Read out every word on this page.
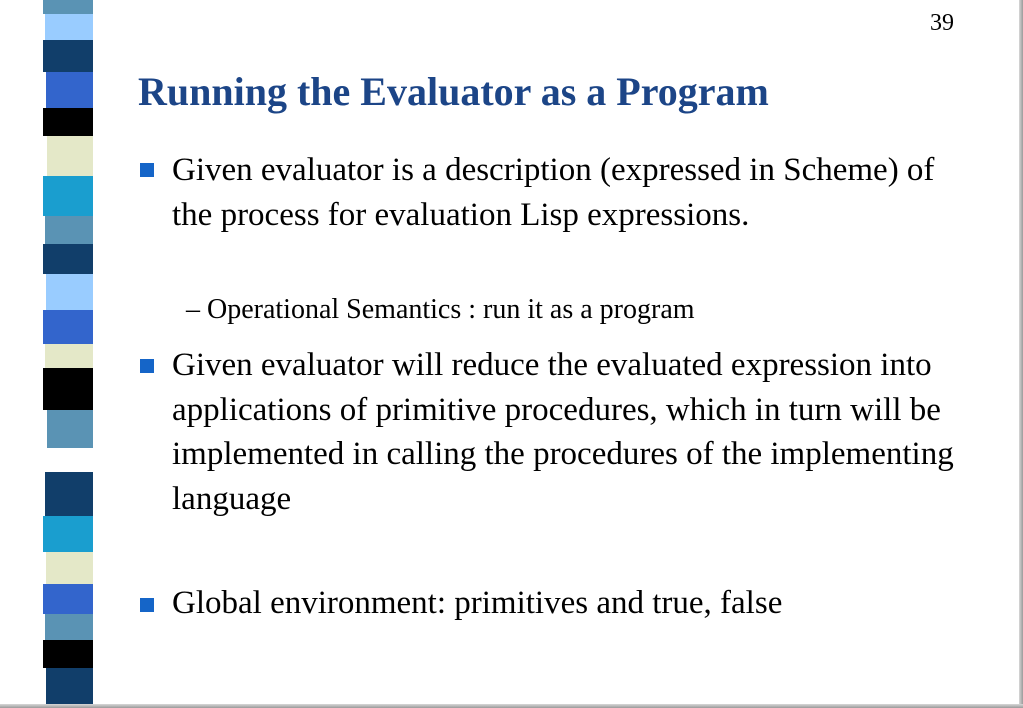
39
Running the Evaluator as a Program
Given evaluator is a description (expressed in Scheme) of the process for evaluation Lisp expressions.
– Operational Semantics : run it as a program
Given evaluator will reduce the evaluated expression into applications of primitive procedures, which in turn will be implemented in calling the procedures of the implementing language
Global environment: primitives and true, false
